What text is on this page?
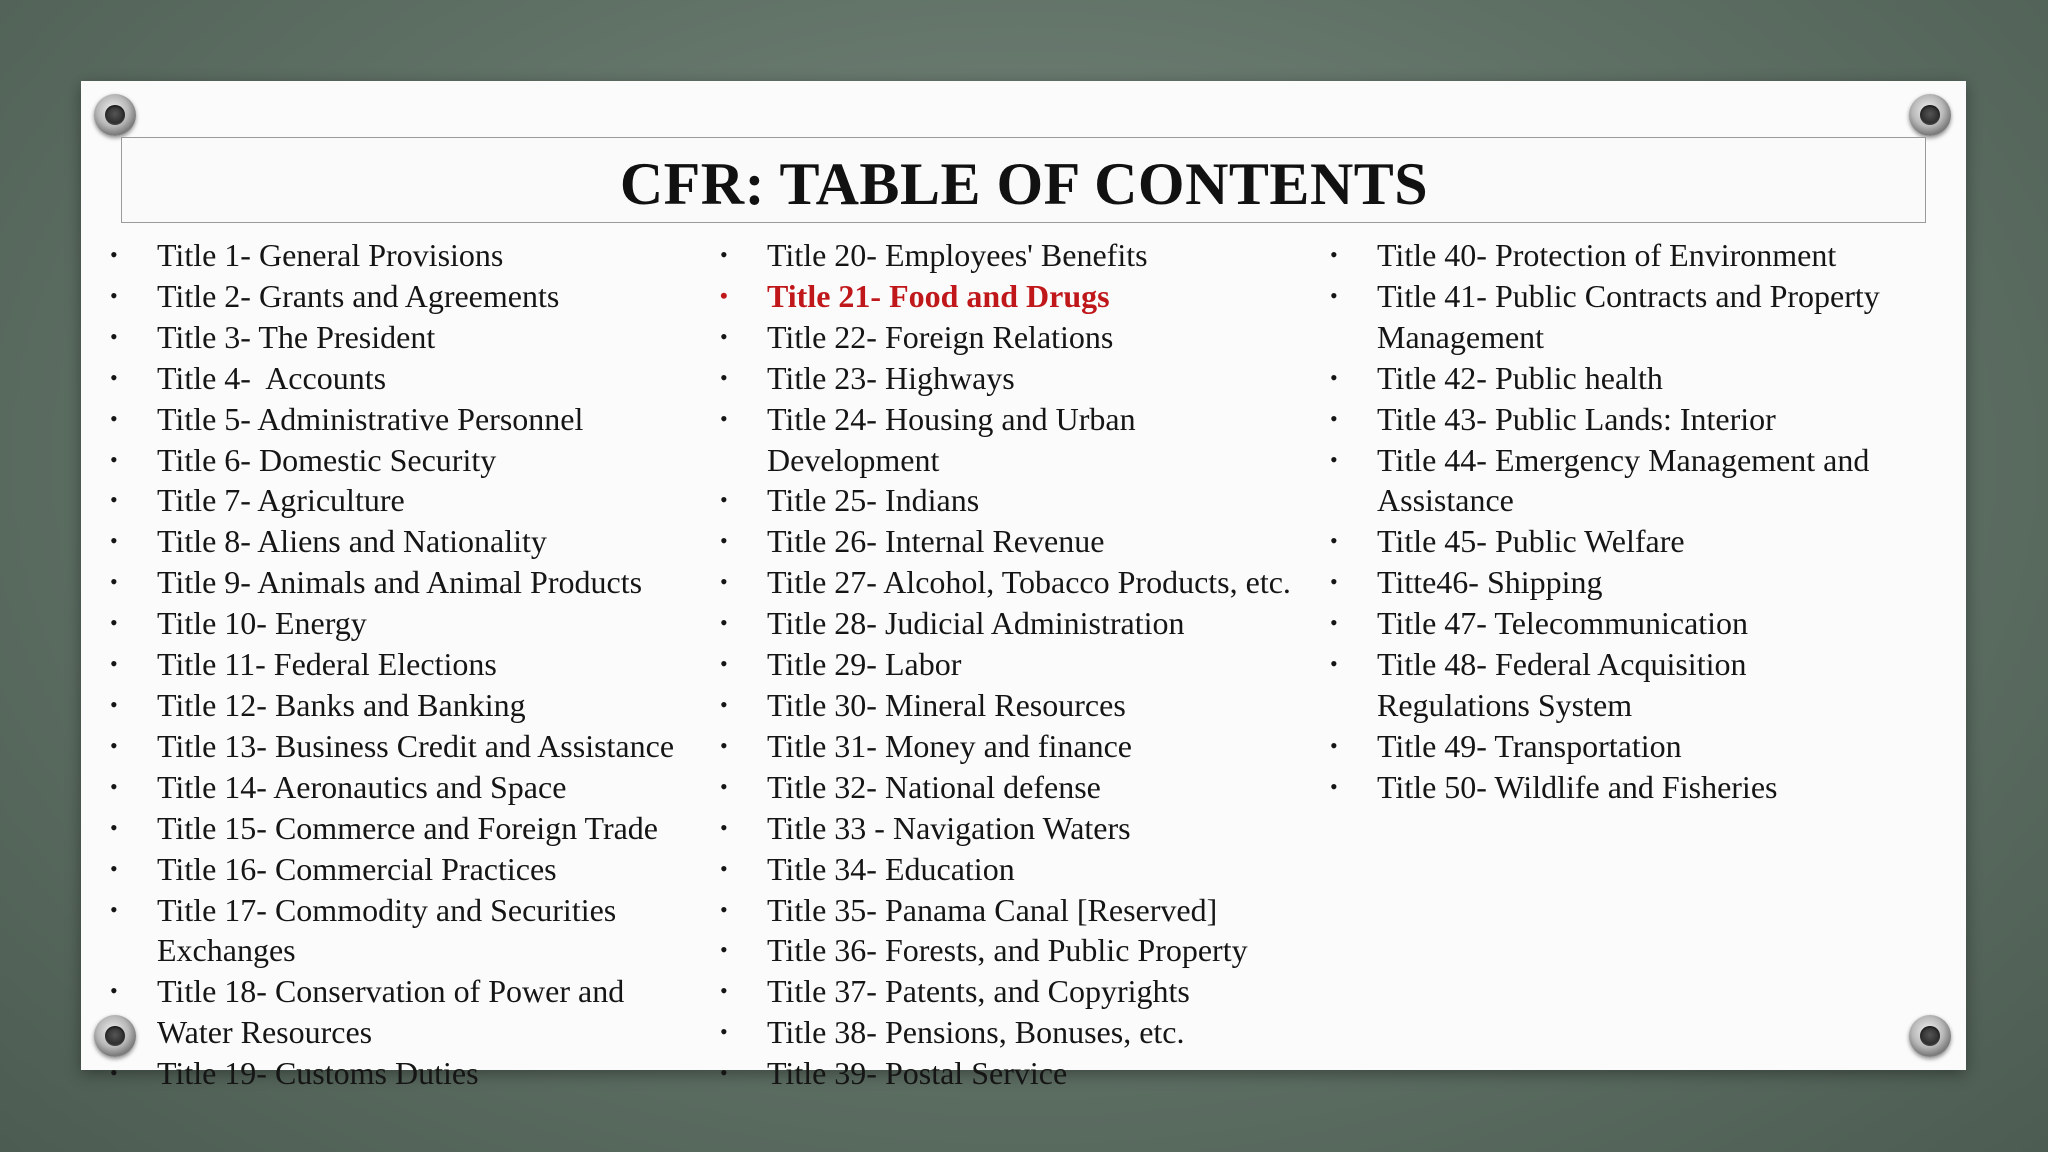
CFR: TABLE OF CONTENTS
•	Title 1- General Provisions
•	Title 2- Grants and Agreements
•	Title 3- The President
•	Title 4-  Accounts
•	Title 5- Administrative Personnel
•	Title 6- Domestic Security
•	Title 7- Agriculture
•	Title 8- Aliens and Nationality
•	Title 9- Animals and Animal Products
•	Title 10- Energy
•	Title 11- Federal Elections
•	Title 12- Banks and Banking
•	Title 13- Business Credit and Assistance
•	Title 14- Aeronautics and Space
•	Title 15- Commerce and Foreign Trade
•	Title 16- Commercial Practices
•	Title 17- Commodity and Securities
Exchanges
•	Title 18- Conservation of Power and
Water Resources
•	Title 19- Customs Duties
•	Title 20- Employees' Benefits
•	Title 21- Food and Drugs
•	Title 22- Foreign Relations
•	Title 23- Highways
•	Title 24- Housing and Urban
Development
•	Title 25- Indians
•	Title 26- Internal Revenue
•	Title 27- Alcohol, Tobacco Products, etc.
•	Title 28- Judicial Administration
•	Title 29- Labor
•	Title 30- Mineral Resources
•	Title 31- Money and finance
•	Title 32- National defense
•	Title 33 - Navigation Waters
•	Title 34- Education
•	Title 35- Panama Canal [Reserved]
•	Title 36- Forests, and Public Property
•	Title 37- Patents, and Copyrights
•	Title 38- Pensions, Bonuses, etc.
•	Title 39- Postal Service
•	Title 40- Protection of Environment
•	Title 41- Public Contracts and Property
Management
•	Title 42- Public health
•	Title 43- Public Lands: Interior
•	Title 44- Emergency Management and
Assistance
•	Title 45- Public Welfare
•	Titte46- Shipping
•	Title 47- Telecommunication
•	Title 48- Federal Acquisition
Regulations System
•	Title 49- Transportation
•	Title 50- Wildlife and Fisheries
